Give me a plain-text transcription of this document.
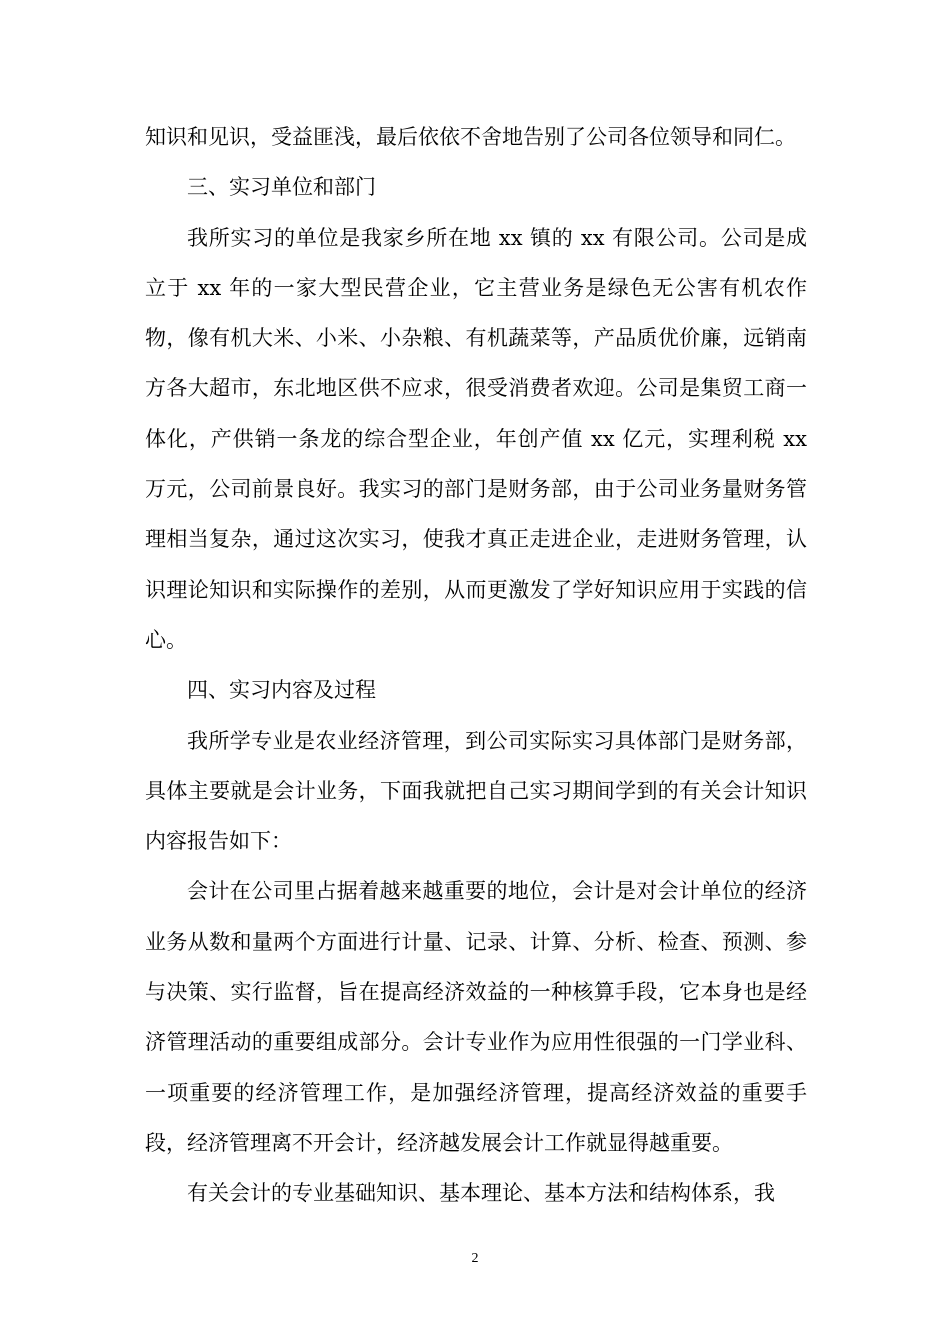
知识和见识，受益匪浅，最后依依不舍地告别了公司各位领导和同仁。

三、实习单位和部门

我所实习的单位是我家乡所在地 xx 镇的 xx 有限公司。公司是成立于 xx 年的一家大型民营企业，它主营业务是绿色无公害有机农作物，像有机大米、小米、小杂粮、有机蔬菜等，产品质优价廉，远销南方各大超市，东北地区供不应求，很受消费者欢迎。公司是集贸工商一体化，产供销一条龙的综合型企业，年创产值 xx 亿元，实理利税 xx 万元，公司前景良好。我实习的部门是财务部，由于公司业务量财务管理相当复杂，通过这次实习，使我才真正走进企业，走进财务管理，认识理论知识和实际操作的差别，从而更激发了学好知识应用于实践的信心。

四、实习内容及过程

我所学专业是农业经济管理，到公司实际实习具体部门是财务部，具体主要就是会计业务，下面我就把自己实习期间学到的有关会计知识内容报告如下：

会计在公司里占据着越来越重要的地位，会计是对会计单位的经济业务从数和量两个方面进行计量、记录、计算、分析、检查、预测、参与决策、实行监督，旨在提高经济效益的一种核算手段，它本身也是经济管理活动的重要组成部分。会计专业作为应用性很强的一门学业科、一项重要的经济管理工作，是加强经济管理，提高经济效益的重要手段，经济管理离不开会计，经济越发展会计工作就显得越重要。

有关会计的专业基础知识、基本理论、基本方法和结构体系，我

2
